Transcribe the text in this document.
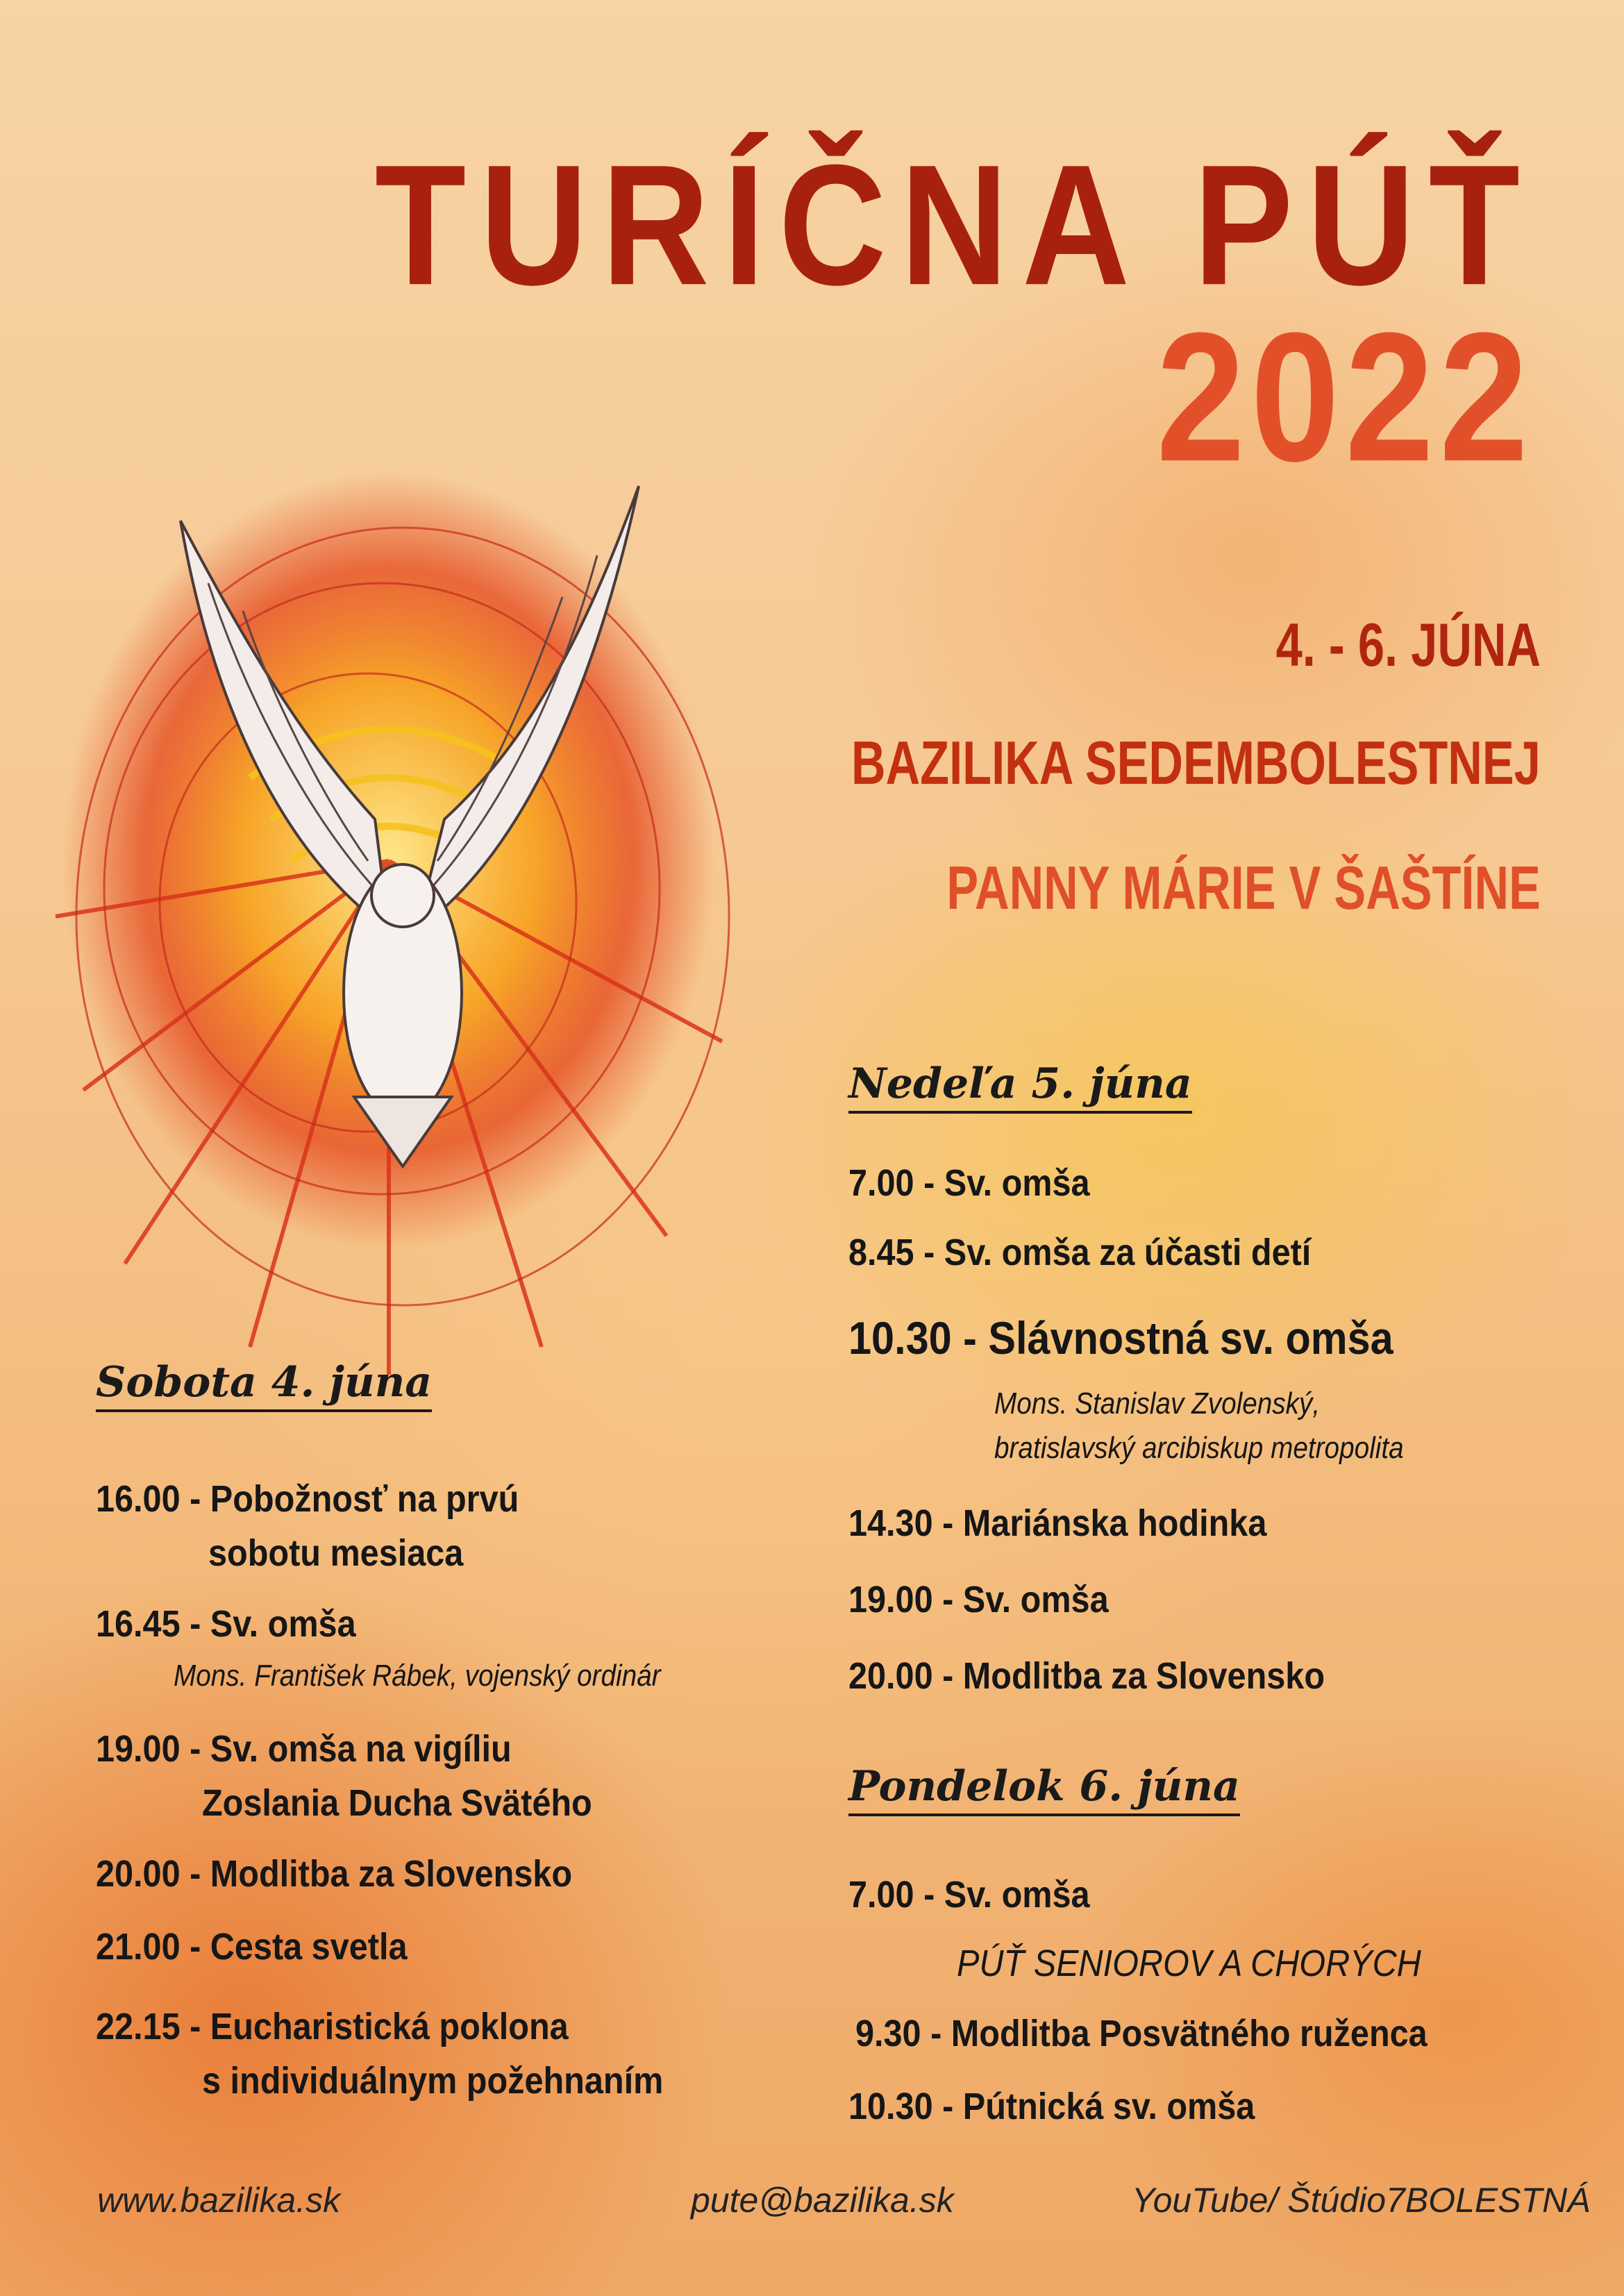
TURÍČNA PÚŤ
2022
4. - 6. JÚNA
BAZILIKA SEDEMBOLESTNEJ
PANNY MÁRIE V ŠAŠTÍNE
Sobota 4. júna
16.00 - Pobožnosť na prvú
sobotu mesiaca
16.45 - Sv. omša
Mons. František Rábek, vojenský ordinár
19.00 - Sv. omša na vigíliu
Zoslania Ducha Svätého
20.00 - Modlitba za Slovensko
21.00 - Cesta svetla
22.15 - Eucharistická poklona
s individuálnym požehnaním
Nedeľa 5. júna
7.00 - Sv. omša
8.45 - Sv. omša za účasti detí
10.30 - Slávnostná sv. omša
Mons. Stanislav Zvolenský,
bratislavský arcibiskup metropolita
14.30 - Mariánska hodinka
19.00 - Sv. omša
20.00 - Modlitba za Slovensko
Pondelok 6. júna
7.00 - Sv. omša
PÚŤ SENIOROV A CHORÝCH
9.30 - Modlitba Posvätného ruženca
10.30 - Pútnická sv. omša
www.bazilika.sk	pute@bazilika.sk	YouTube/ Štúdio7BOLESTNÁ
